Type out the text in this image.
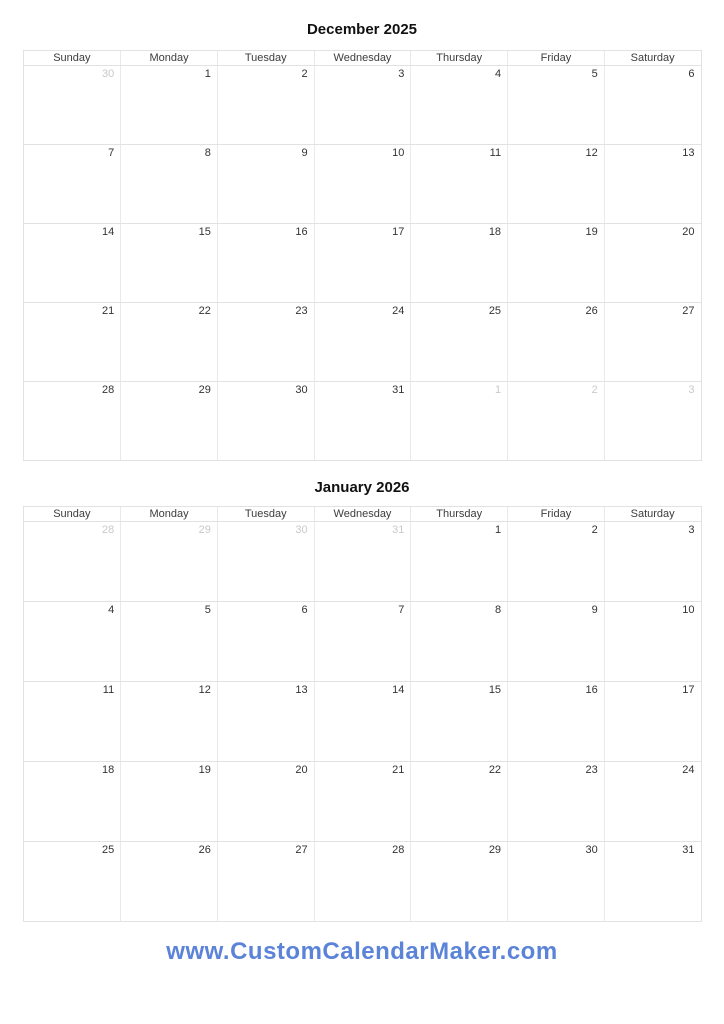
December 2025
Sunday	Monday	Tuesday	Wednesday	Thursday	Friday	Saturday
30	1	2	3	4	5	6
7	8	9	10	11	12	13
14	15	16	17	18	19	20
21	22	23	24	25	26	27
28	29	30	31	1	2	3
January 2026
Sunday	Monday	Tuesday	Wednesday	Thursday	Friday	Saturday
28	29	30	31	1	2	3
4	5	6	7	8	9	10
11	12	13	14	15	16	17
18	19	20	21	22	23	24
25	26	27	28	29	30	31
www.CustomCalendarMaker.com
